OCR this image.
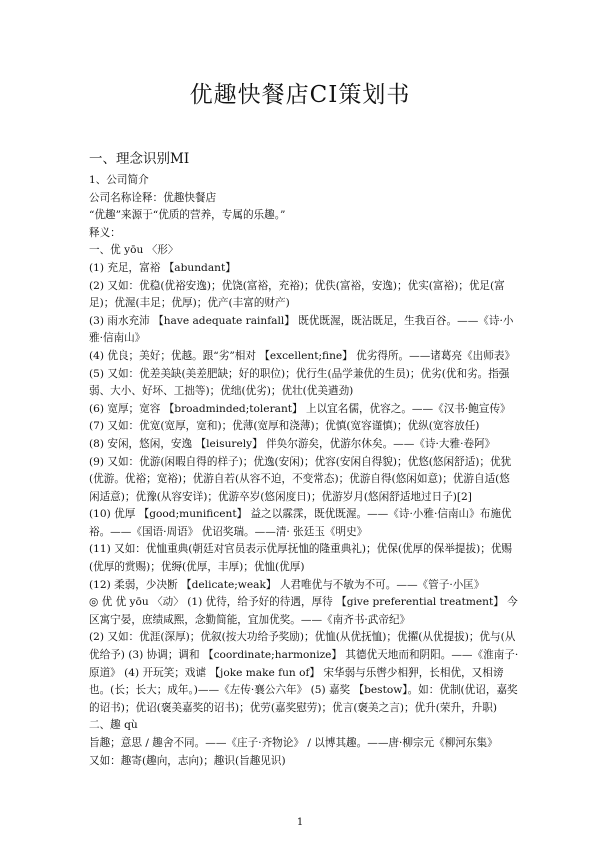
优趣快餐店CI策划书
一、理念识别MI

1、公司简介

公司名称诠释：优趣快餐店

“优趣”来源于“优质的营养，专属的乐趣。”

释义：

一、优 yōu 〈形〉

(1) 充足，富裕 【abundant】

(2) 又如：优稳(优裕安逸)；优饶(富裕，充裕)；优佚(富裕，安逸)；优实(富裕)；优足(富足)；优渥(丰足；优厚)；优产(丰富的财产)

(3) 雨水充沛 【have adequate rainfall】 既优既渥，既沾既足，生我百谷。——《诗·小雅·信南山》

(4) 优良；美好；优越。跟“劣”相对 【excellent;fine】 优劣得所。——诸葛亮《出师表》

(5) 又如：优差美缺(美差肥缺；好的职位)；优行生(品学兼优的生员)；优劣(优和劣。指强弱、大小、好坏、工拙等)；优绌(优劣)；优壮(优美遒劲)

(6) 宽厚；宽容 【broadminded;tolerant】 上以宜名儒，优容之。——《汉书·鲍宣传》

(7) 又如：优宽(宽厚，宽和)；优薄(宽厚和浇薄)；优慎(宽容谨慎)；优纵(宽容放任)

(8) 安闲，悠闲，安逸 【leisurely】 伴奂尔游矣，优游尔休矣。——《诗·大雅·卷阿》

(9) 又如：优游(闲暇自得的样子)；优逸(安闲)；优容(安闲自得貌)；优悠(悠闲舒适)；优犹(优游。优裕；宽裕)；优游自若(从容不迫，不变常态)；优游自得(悠闲如意)；优游自适(悠闲适意)；优豫(从容安详)；优游卒岁(悠闲度日)；优游岁月(悠闲舒适地过日子)[2]

(10) 优厚 【good;munificent】 益之以霡霂，既优既渥。——《诗·小雅·信南山》布施优裕。——《国语·周语》 优诏奖瑞。——清· 张廷玉《明史》

(11) 又如：优恤重典(朝廷对官员表示优厚抚恤的隆重典礼)；优保(优厚的保举提拔)；优赐(优厚的赏赐)；优缛(优厚，丰厚)；优恤(优厚)

(12) 柔弱，少决断 【delicate;weak】 人君唯优与不敏为不可。——《管子·小匡》

◎ 优 优 yōu 〈动〉 (1) 优待，给予好的待遇，厚待 【give preferential treatment】 今区寓宁晏，庶绩咸熙，念勤简能，宜加优奖。——《南齐书·武帝纪》

(2) 又如：优涯(深厚)；优叙(按大功给予奖励)；优恤(从优抚恤)；优擢(从优提拔)；优与(从优给予) (3) 协调；调和 【coordinate;harmonize】 其德优天地而和阴阳。——《淮南子·原道》 (4) 开玩笑；戏谑 【joke make fun of】 宋华弱与乐辔少相狎，长相优，又相谤也。(长；长大；成年。)——《左传·襄公六年》 (5) 嘉奖 【bestow】。如：优制(优诏，嘉奖的诏书)；优诏(褒美嘉奖的诏书)；优劳(嘉奖慰劳)；优言(褒美之言)；优升(荣升，升职)

二、趣 qù

旨趣；意思 / 趣舍不同。——《庄子·齐物论》 / 以博其趣。——唐·柳宗元《柳河东集》

又如：趣寄(趣向，志向)；趣识(旨趣见识)

1
